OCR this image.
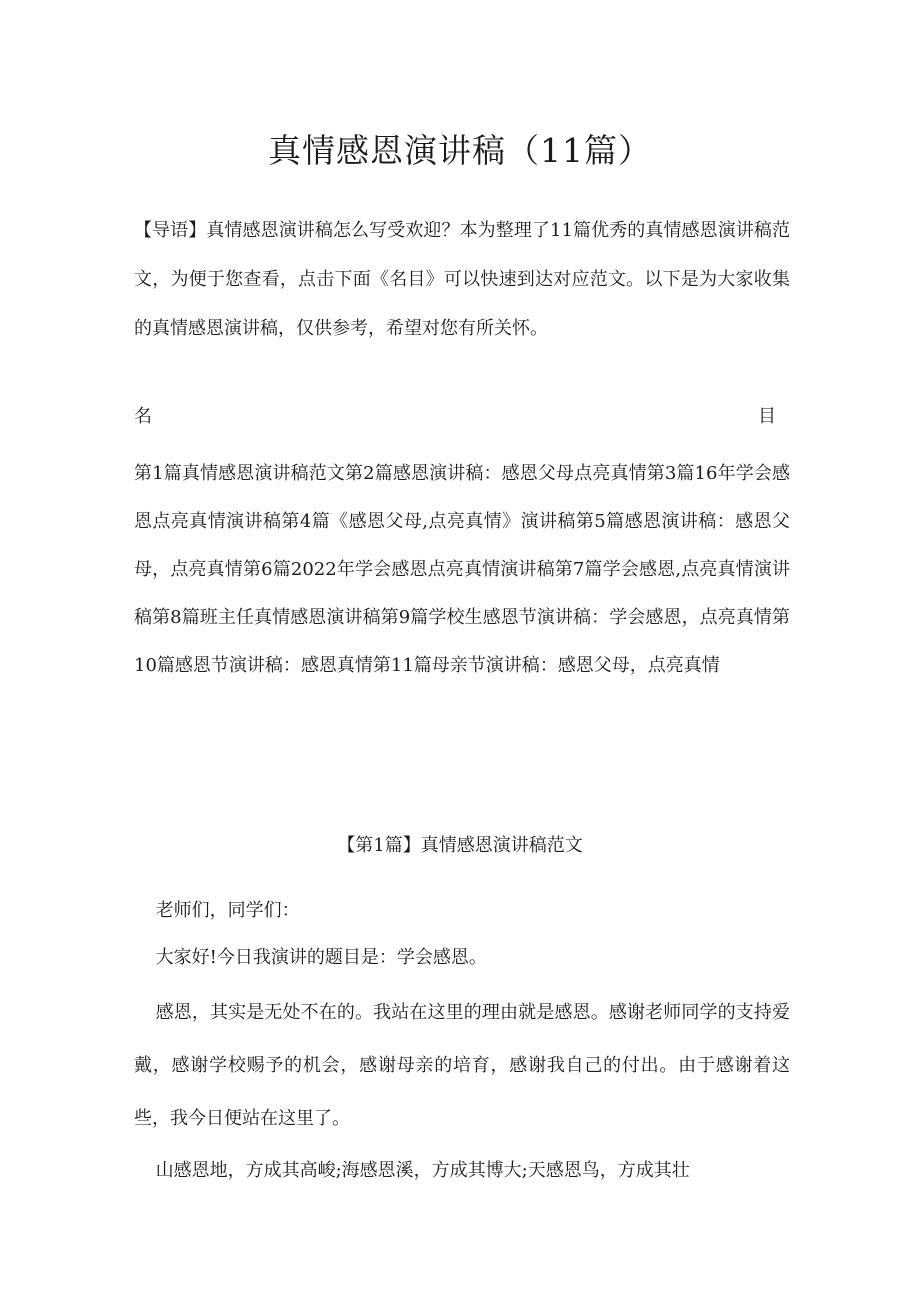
真情感恩演讲稿（11篇）

【导语】真情感恩演讲稿怎么写受欢迎？本为整理了11篇优秀的真情感恩演讲稿范文，为便于您查看，点击下面《名目》可以快速到达对应范文。以下是为大家收集的真情感恩演讲稿，仅供参考，希望对您有所关怀。

名	目

第1篇真情感恩演讲稿范文第2篇感恩演讲稿：感恩父母点亮真情第3篇16年学会感恩点亮真情演讲稿第4篇《感恩父母,点亮真情》演讲稿第5篇感恩演讲稿：感恩父母，点亮真情第6篇2022年学会感恩点亮真情演讲稿第7篇学会感恩,点亮真情演讲稿第8篇班主任真情感恩演讲稿第9篇学校生感恩节演讲稿：学会感恩，点亮真情第10篇感恩节演讲稿：感恩真情第11篇母亲节演讲稿：感恩父母，点亮真情

【第1篇】真情感恩演讲稿范文

老师们，同学们：

大家好!今日我演讲的题目是：学会感恩。

感恩，其实是无处不在的。我站在这里的理由就是感恩。感谢老师同学的支持爱戴，感谢学校赐予的机会，感谢母亲的培育，感谢我自己的付出。由于感谢着这些，我今日便站在这里了。

山感恩地，方成其高峻;海感恩溪，方成其博大;天感恩鸟，方成其壮
